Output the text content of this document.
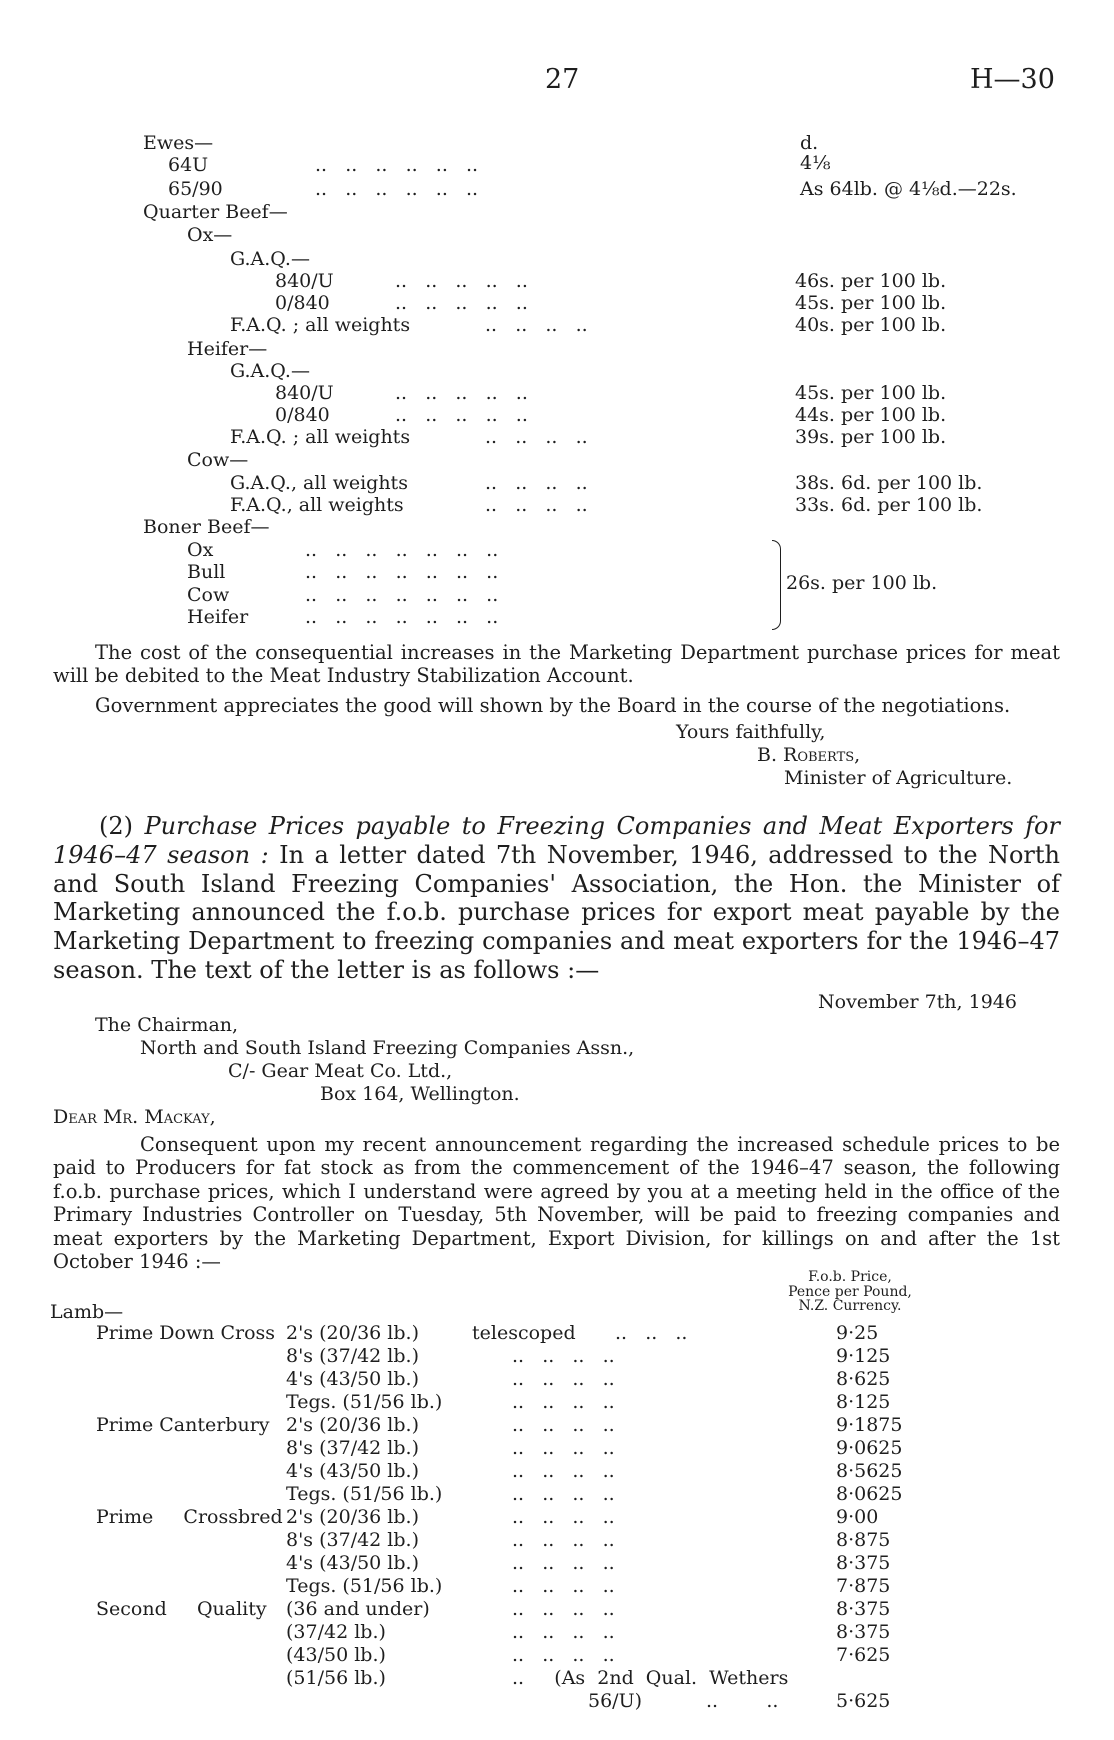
27	H—30
d.
Ewes—
64U	..   ..   ..   ..   ..   ..	4⅛
65/90	..   ..   ..   ..   ..   ..	As 64lb. @ 4⅛d.—22s.
Quarter Beef—
Ox—
G.A.Q.—
840/U	..   ..   ..   ..   ..	46s. per 100 lb.
0/840	..   ..   ..   ..   ..	45s. per 100 lb.
F.A.Q. ; all weights	..   ..   ..   ..	40s. per 100 lb.
Heifer—
G.A.Q.—
840/U	..   ..   ..   ..   ..	45s. per 100 lb.
0/840	..   ..   ..   ..   ..	44s. per 100 lb.
F.A.Q. ; all weights	..   ..   ..   ..	39s. per 100 lb.
Cow—
G.A.Q., all weights	..   ..   ..   ..	38s. 6d. per 100 lb.
F.A.Q., all weights	..   ..   ..   ..	33s. 6d. per 100 lb.
Boner Beef—
Ox	..   ..   ..   ..   ..   ..   ..
Bull	..   ..   ..   ..   ..   ..   ..
Cow	..   ..   ..   ..   ..   ..   ..
Heifer	..   ..   ..   ..   ..   ..   ..
26s. per 100 lb.
The cost of the consequential increases in the Marketing Department purchase prices for meat will be debited to the Meat Industry Stabilization Account.
Government appreciates the good will shown by the Board in the course of the negotiations.
Yours faithfully,
B. Roberts,
Minister of Agriculture.
(2) Purchase Prices payable to Freezing Companies and Meat Exporters for 1946–47 season : In a letter dated 7th November, 1946, addressed to the North and South Island Freezing Companies' Association, the Hon. the Minister of Marketing announced the f.o.b. purchase prices for export meat payable by the Marketing Department to freezing companies and meat exporters for the 1946–47 season. The text of the letter is as follows :—
November 7th, 1946
The Chairman,
North and South Island Freezing Companies Assn.,
C/- Gear Meat Co. Ltd.,
Box 164, Wellington.
Dear Mr. Mackay,
Consequent upon my recent announcement regarding the increased schedule prices to be paid to Producers for fat stock as from the commencement of the 1946–47 season, the following f.o.b. purchase prices, which I understand were agreed by you at a meeting held in the office of the Primary Industries Controller on Tuesday, 5th November, will be paid to freezing companies and meat exporters by the Marketing Department, Export Division, for killings on and after the 1st October 1946 :—
F.o.b. Price,
Pence per Pound,
N.Z. Currency.
Lamb—
Prime Down Cross 2's (20/36 lb.)	telescoped ..   ..   ..	9·25
8's (37/42 lb.)	..   ..   ..   ..	9·125
4's (43/50 lb.)	..   ..   ..   ..	8·625
Tegs. (51/56 lb.)	..   ..   ..   ..	8·125
Prime Canterbury 2's (20/36 lb.)	..   ..   ..   ..	9·1875
8's (37/42 lb.)	..   ..   ..   ..	9·0625
4's (43/50 lb.)	..   ..   ..   ..	8·5625
Tegs. (51/56 lb.)	..   ..   ..   ..	8·0625
Prime     Crossbred 2's (20/36 lb.)	..   ..   ..   ..	9·00
8's (37/42 lb.)	..   ..   ..   ..	8·875
4's (43/50 lb.)	..   ..   ..   ..	8·375
Tegs. (51/56 lb.)	..   ..   ..   ..	7·875
Second     Quality (36 and under)	..   ..   ..   ..	8·375
(37/42 lb.)	..   ..   ..   ..	8·375
(43/50 lb.)	..   ..   ..   ..	7·625
(51/56 lb.)	..     (As  2nd  Qual.  Wethers
56/U)	..        ..	5·625
